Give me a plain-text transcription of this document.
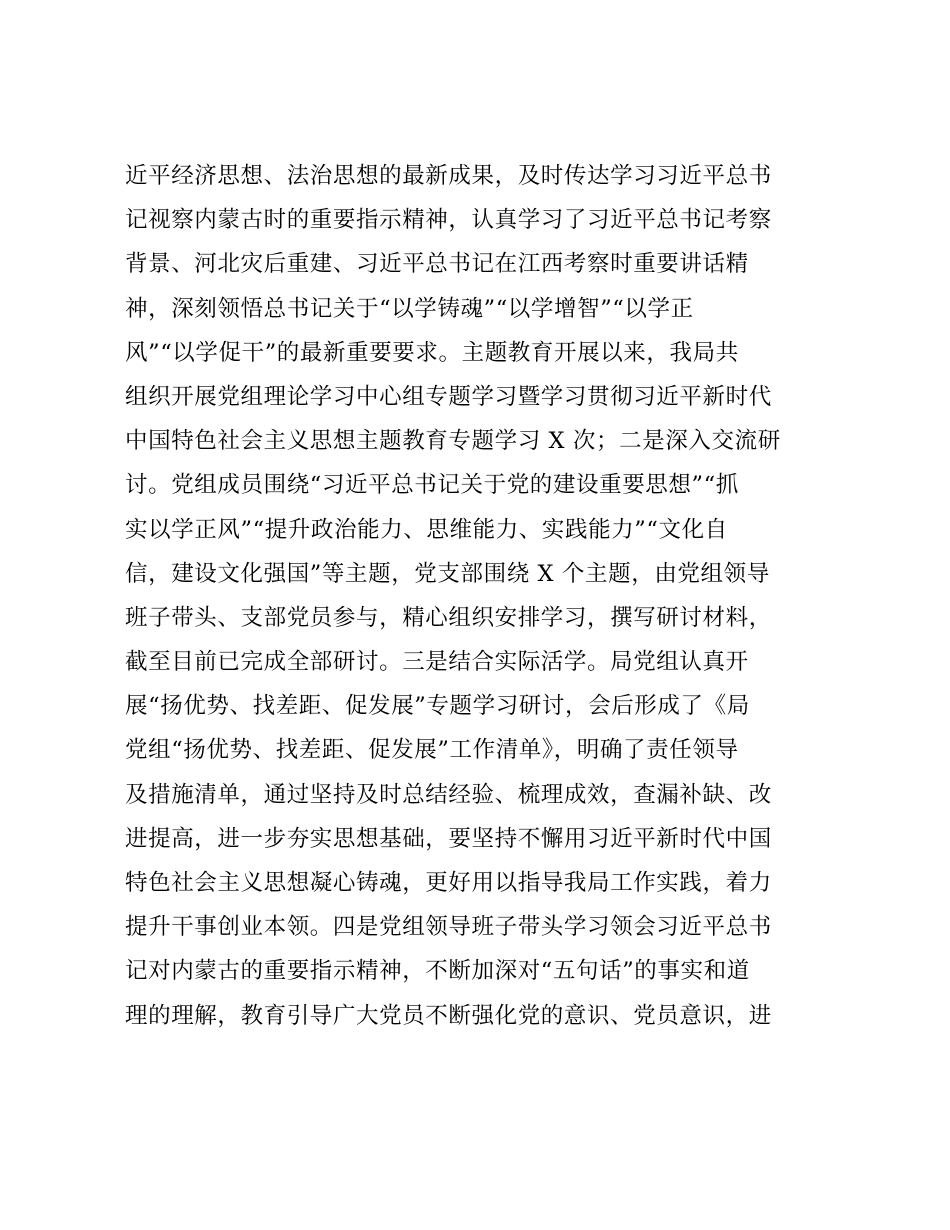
近平经济思想、法治思想的最新成果，及时传达学习习近平总书
记视察内蒙古时的重要指示精神，认真学习了习近平总书记考察
背景、河北灾后重建、习近平总书记在江西考察时重要讲话精
神，深刻领悟总书记关于“以学铸魂”“以学增智”“以学正
风”“以学促干”的最新重要要求。主题教育开展以来，我局共
组织开展党组理论学习中心组专题学习暨学习贯彻习近平新时代
中国特色社会主义思想主题教育专题学习 X 次；二是深入交流研
讨。党组成员围绕“习近平总书记关于党的建设重要思想”“抓
实以学正风”“提升政治能力、思维能力、实践能力”“文化自
信，建设文化强国”等主题，党支部围绕 X 个主题，由党组领导
班子带头、支部党员参与，精心组织安排学习，撰写研讨材料，
截至目前已完成全部研讨。三是结合实际活学。局党组认真开
展“扬优势、找差距、促发展”专题学习研讨，会后形成了《局
党组“扬优势、找差距、促发展”工作清单》，明确了责任领导
及措施清单，通过坚持及时总结经验、梳理成效，查漏补缺、改
进提高，进一步夯实思想基础，要坚持不懈用习近平新时代中国
特色社会主义思想凝心铸魂，更好用以指导我局工作实践，着力
提升干事创业本领。四是党组领导班子带头学习领会习近平总书
记对内蒙古的重要指示精神，不断加深对“五句话”的事实和道
理的理解，教育引导广大党员不断强化党的意识、党员意识，进
